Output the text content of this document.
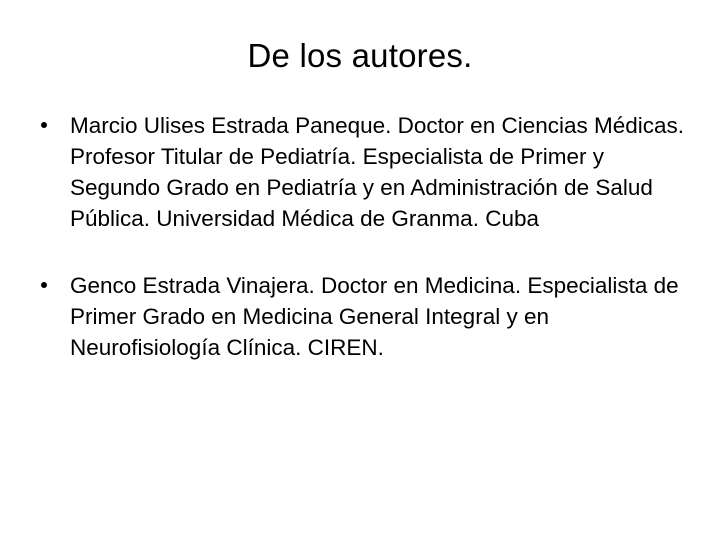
De los autores.
Marcio Ulises Estrada Paneque. Doctor en Ciencias Médicas. Profesor Titular de Pediatría. Especialista de Primer y Segundo Grado en Pediatría y en Administración de Salud Pública. Universidad Médica de Granma. Cuba
Genco Estrada Vinajera. Doctor en Medicina. Especialista de Primer Grado en Medicina General Integral y en Neurofisiología Clínica. CIREN.
